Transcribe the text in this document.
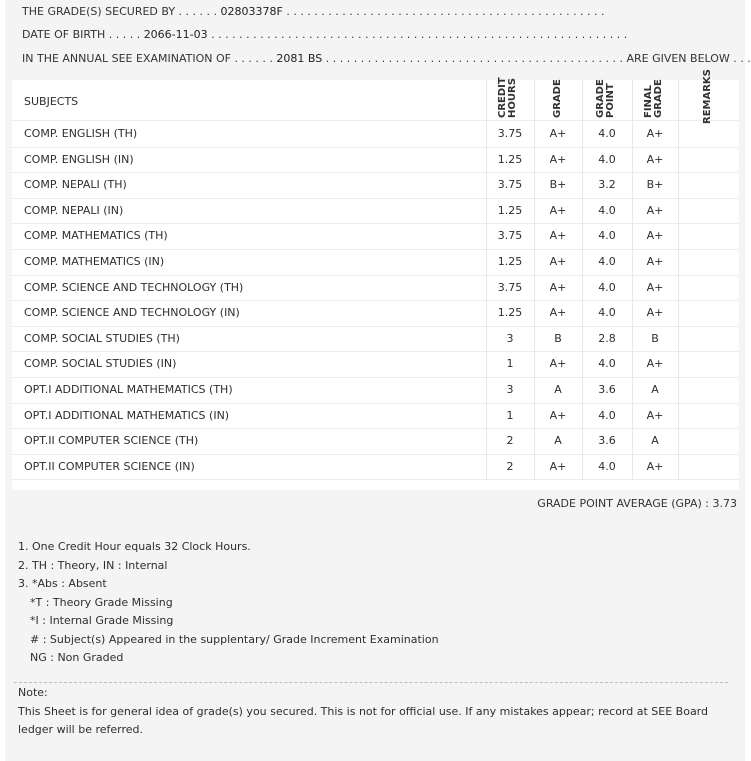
THE GRADE(S) SECURED BY . . . . . . 02803378F . . . . . . . . . . . . . . . . . . . . . . . . . . . . . . . . . . . . . . . . . . . . . .
DATE OF BIRTH . . . . . 2066-11-03 . . . . . . . . . . . . . . . . . . . . . . . . . . . . . . . . . . . . . . . . . . . . . . . . . . . . . . . . . . . .
IN THE ANNUAL SEE EXAMINATION OF . . . . . . 2081 BS . . . . . . . . . . . . . . . . . . . . . . . . . . . . . . . . . . . . . . . . . . . ARE GIVEN BELOW . . .
SUBJECTS	CREDIT HOURS	GRADE	GRADE POINT	FINAL GRADE	REMARKS
COMP. ENGLISH (TH)	3.75	A+	4.0	A+
COMP. ENGLISH (IN)	1.25	A+	4.0	A+
COMP. NEPALI (TH)	3.75	B+	3.2	B+
COMP. NEPALI (IN)	1.25	A+	4.0	A+
COMP. MATHEMATICS (TH)	3.75	A+	4.0	A+
COMP. MATHEMATICS (IN)	1.25	A+	4.0	A+
COMP. SCIENCE AND TECHNOLOGY (TH)	3.75	A+	4.0	A+
COMP. SCIENCE AND TECHNOLOGY (IN)	1.25	A+	4.0	A+
COMP. SOCIAL STUDIES (TH)	3	B	2.8	B
COMP. SOCIAL STUDIES (IN)	1	A+	4.0	A+
OPT.I ADDITIONAL MATHEMATICS (TH)	3	A	3.6	A
OPT.I ADDITIONAL MATHEMATICS (IN)	1	A+	4.0	A+
OPT.II COMPUTER SCIENCE (TH)	2	A	3.6	A
OPT.II COMPUTER SCIENCE (IN)	2	A+	4.0	A+
GRADE POINT AVERAGE (GPA) : 3.73
1. One Credit Hour equals 32 Clock Hours.
2. TH : Theory, IN : Internal
3. *Abs : Absent
*T : Theory Grade Missing
*I : Internal Grade Missing
# : Subject(s) Appeared in the supplentary/ Grade Increment Examination
NG : Non Graded
Note:
This Sheet is for general idea of grade(s) you secured. This is not for official use. If any mistakes appear; record at SEE Board ledger will be referred.
